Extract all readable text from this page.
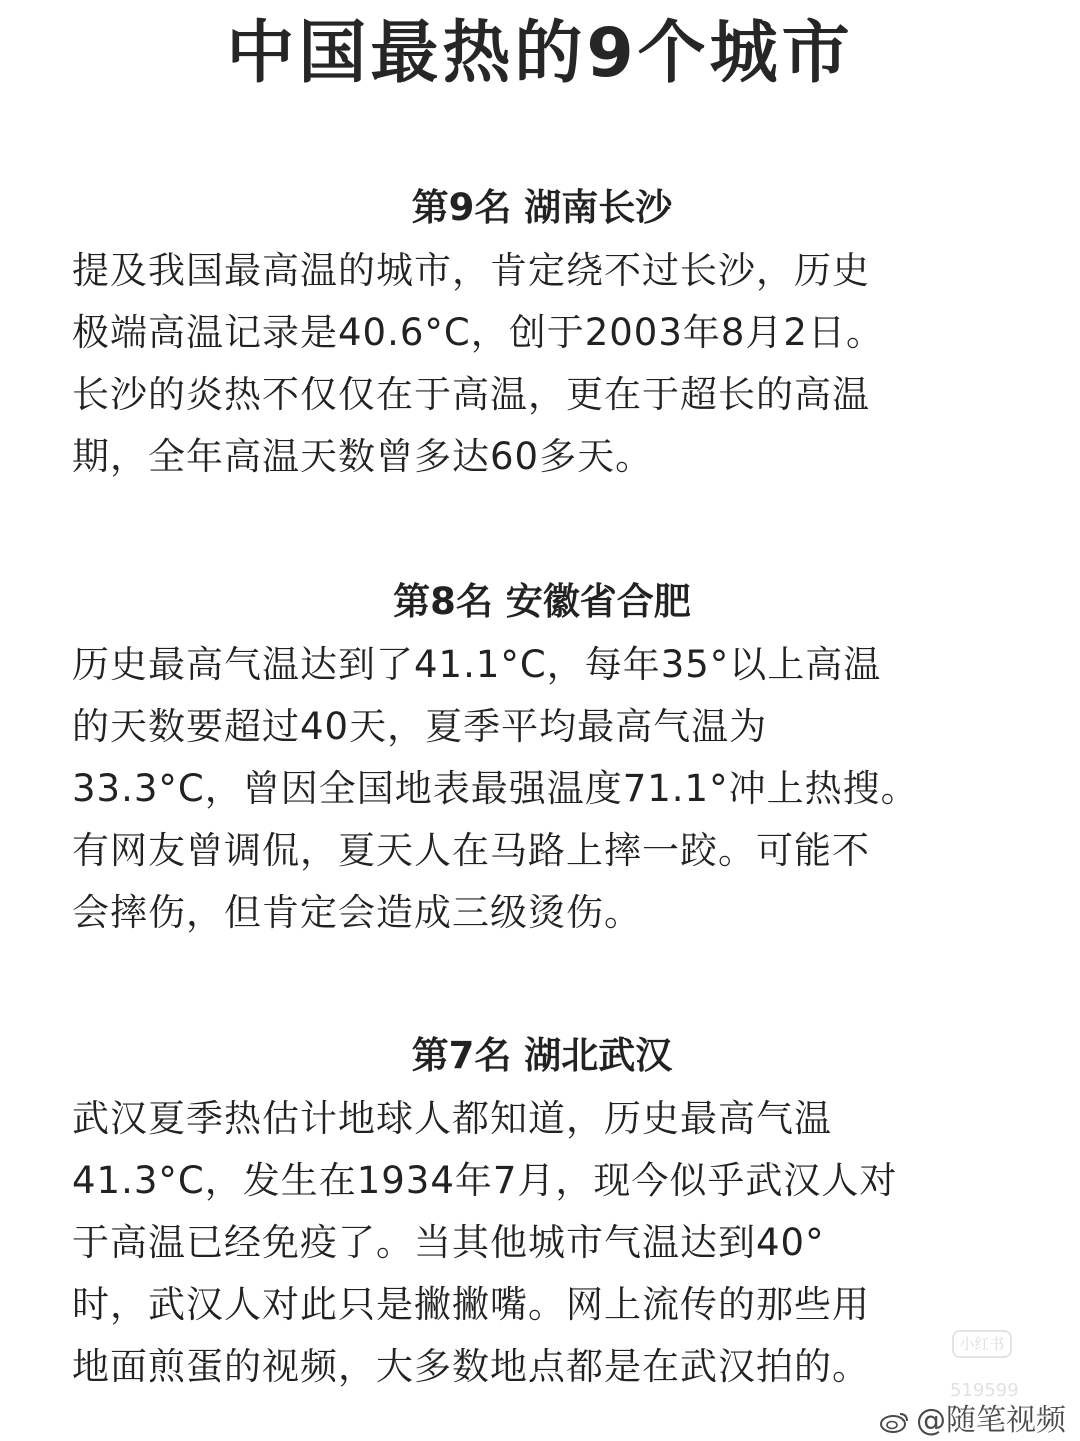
中国最热的9个城市
第9名 湖南长沙
提及我国最高温的城市，肯定绕不过长沙，历史
极端高温记录是40.6°C，创于2003年8月2日。
长沙的炎热不仅仅在于高温，更在于超长的高温
期，全年高温天数曾多达60多天。
第8名 安徽省合肥
历史最高气温达到了41.1°C，每年35°以上高温
的天数要超过40天，夏季平均最高气温为
33.3°C，曾因全国地表最强温度71.1°冲上热搜。
有网友曾调侃，夏天人在马路上摔一跤。可能不
会摔伤，但肯定会造成三级烫伤。
第7名 湖北武汉
武汉夏季热估计地球人都知道，历史最高气温
41.3°C，发生在1934年7月，现今似乎武汉人对
于高温已经免疫了。当其他城市气温达到40°
时，武汉人对此只是撇撇嘴。网上流传的那些用
地面煎蛋的视频，大多数地点都是在武汉拍的。
小红书
519599
@随笔视频
